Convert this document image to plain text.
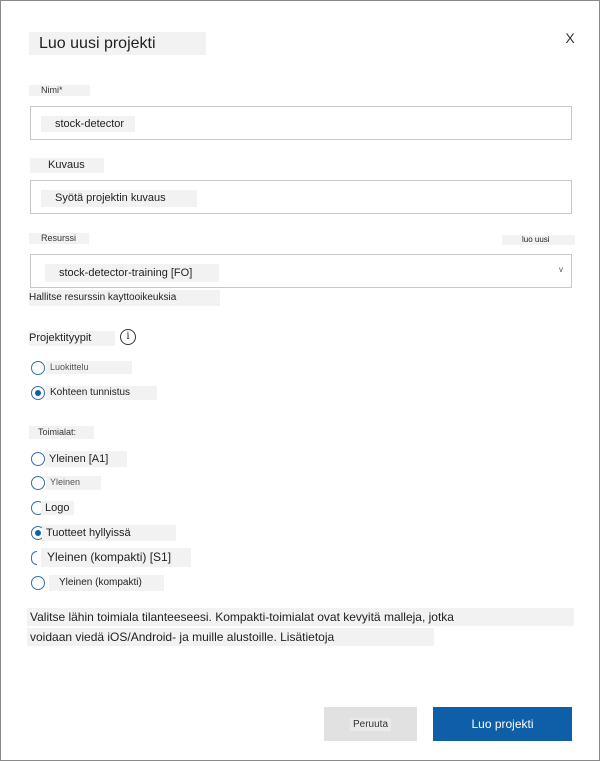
Luo uusi projekti	X
Nimi*
stock-detector
Kuvaus
Syötä projektin kuvaus
Resurssi	luo uusi
stock-detector-training [FO]	v
Hallitse resurssin kayttooikeuksia
Projektityypit	i
Luokittelu
Kohteen tunnistus
Toimialat:
Yleinen [A1]
Yleinen
Logo
Tuotteet hyllyissä
Yleinen (kompakti) [S1]
Yleinen (kompakti)
Valitse lähin toimiala tilanteeseesi. Kompakti-toimialat ovat kevyitä malleja, jotka
voidaan viedä iOS/Android- ja muille alustoille. Lisätietoja
Peruuta	Luo projekti
